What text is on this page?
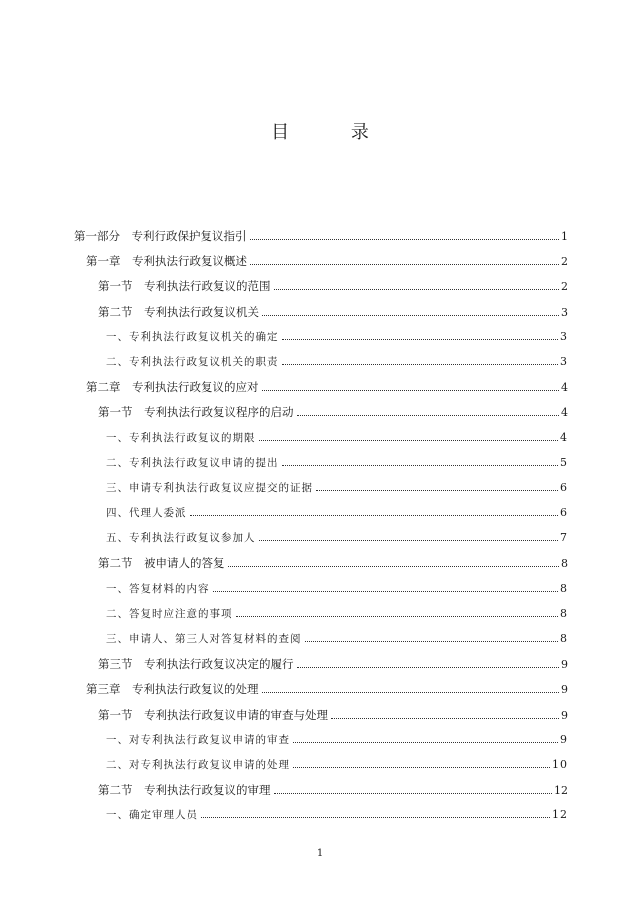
目 录
第一部分　专利行政保护复议指引	1
第一章　专利执法行政复议概述	2
第一节　专利执法行政复议的范围	2
第二节　专利执法行政复议机关	3
一、专利执法行政复议机关的确定	3
二、专利执法行政复议机关的职责	3
第二章　专利执法行政复议的应对	4
第一节　专利执法行政复议程序的启动	4
一、专利执法行政复议的期限	4
二、专利执法行政复议申请的提出	5
三、申请专利执法行政复议应提交的证据	6
四、代理人委派	6
五、专利执法行政复议参加人	7
第二节　被申请人的答复	8
一、答复材料的内容	8
二、答复时应注意的事项	8
三、申请人、第三人对答复材料的查阅	8
第三节　专利执法行政复议决定的履行	9
第三章　专利执法行政复议的处理	9
第一节　专利执法行政复议申请的审查与处理	9
一、对专利执法行政复议申请的审查	9
二、对专利执法行政复议申请的处理	10
第二节　专利执法行政复议的审理	12
一、确定审理人员	12
1
